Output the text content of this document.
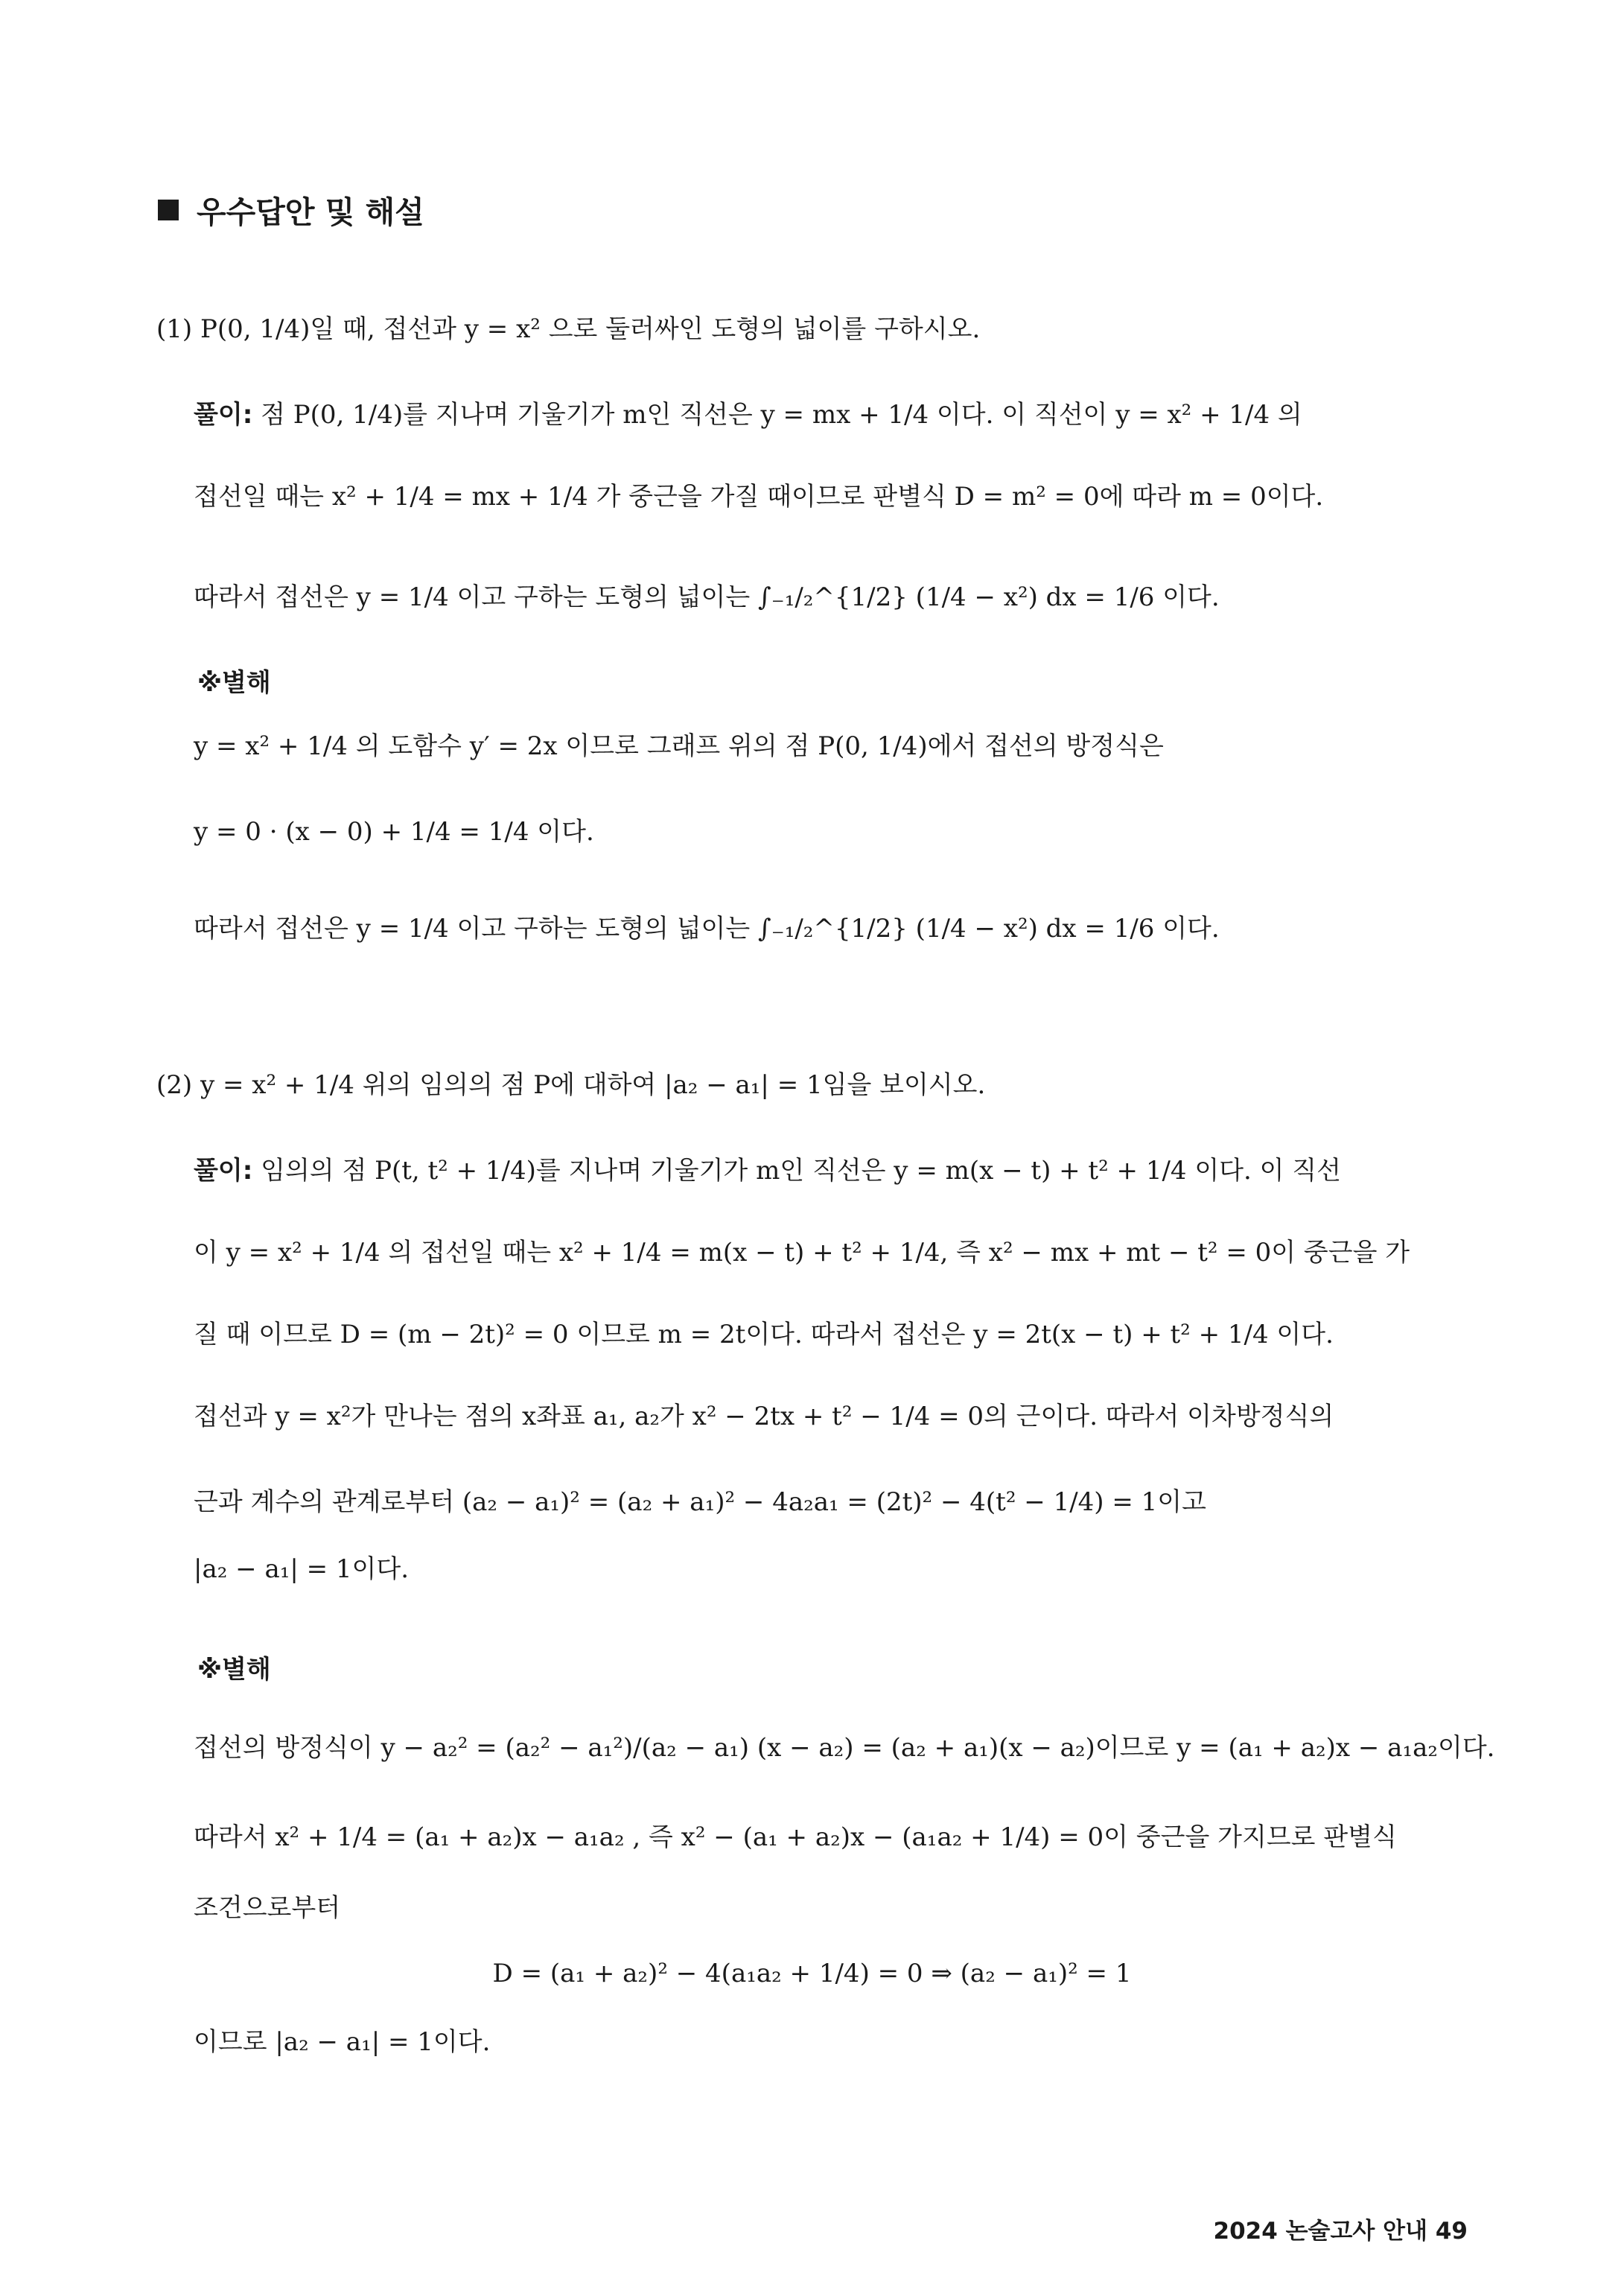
우수답안 및 해설
(1) P(0, 1/4)일 때, 접선과 y = x² 으로 둘러싸인 도형의 넓이를 구하시오.
풀이: 점 P(0, 1/4)를 지나며 기울기가 m인 직선은 y = mx + 1/4 이다. 이 직선이 y = x² + 1/4 의
접선일 때는 x² + 1/4 = mx + 1/4 가 중근을 가질 때이므로 판별식 D = m² = 0에 따라 m = 0이다.
따라서 접선은 y = 1/4 이고 구하는 도형의 넓이는 ∫₋₁/₂^{1/2} (1/4 − x²) dx = 1/6 이다.
※별해
y = x² + 1/4 의 도함수 y′ = 2x 이므로 그래프 위의 점 P(0, 1/4)에서 접선의 방정식은
y = 0 · (x − 0) + 1/4 = 1/4 이다.
따라서 접선은 y = 1/4 이고 구하는 도형의 넓이는 ∫₋₁/₂^{1/2} (1/4 − x²) dx = 1/6 이다.
(2) y = x² + 1/4 위의 임의의 점 P에 대하여 |a₂ − a₁| = 1임을 보이시오.
풀이: 임의의 점 P(t, t² + 1/4)를 지나며 기울기가 m인 직선은 y = m(x − t) + t² + 1/4 이다. 이 직선
이 y = x² + 1/4 의 접선일 때는 x² + 1/4 = m(x − t) + t² + 1/4, 즉 x² − mx + mt − t² = 0이 중근을 가
질 때 이므로 D = (m − 2t)² = 0 이므로 m = 2t이다. 따라서 접선은 y = 2t(x − t) + t² + 1/4 이다.
접선과 y = x²가 만나는 점의 x좌표 a₁, a₂가 x² − 2tx + t² − 1/4 = 0의 근이다. 따라서 이차방정식의
근과 계수의 관계로부터 (a₂ − a₁)² = (a₂ + a₁)² − 4a₂a₁ = (2t)² − 4(t² − 1/4) = 1이고
|a₂ − a₁| = 1이다.
※별해
접선의 방정식이 y − a₂² = (a₂² − a₁²)/(a₂ − a₁) (x − a₂) = (a₂ + a₁)(x − a₂)이므로 y = (a₁ + a₂)x − a₁a₂이다.
따라서 x² + 1/4 = (a₁ + a₂)x − a₁a₂ , 즉 x² − (a₁ + a₂)x − (a₁a₂ + 1/4) = 0이 중근을 가지므로 판별식
조건으로부터
D = (a₁ + a₂)² − 4(a₁a₂ + 1/4) = 0 ⇒ (a₂ − a₁)² = 1
이므로 |a₂ − a₁| = 1이다.
2024 논술고사 안내 49
